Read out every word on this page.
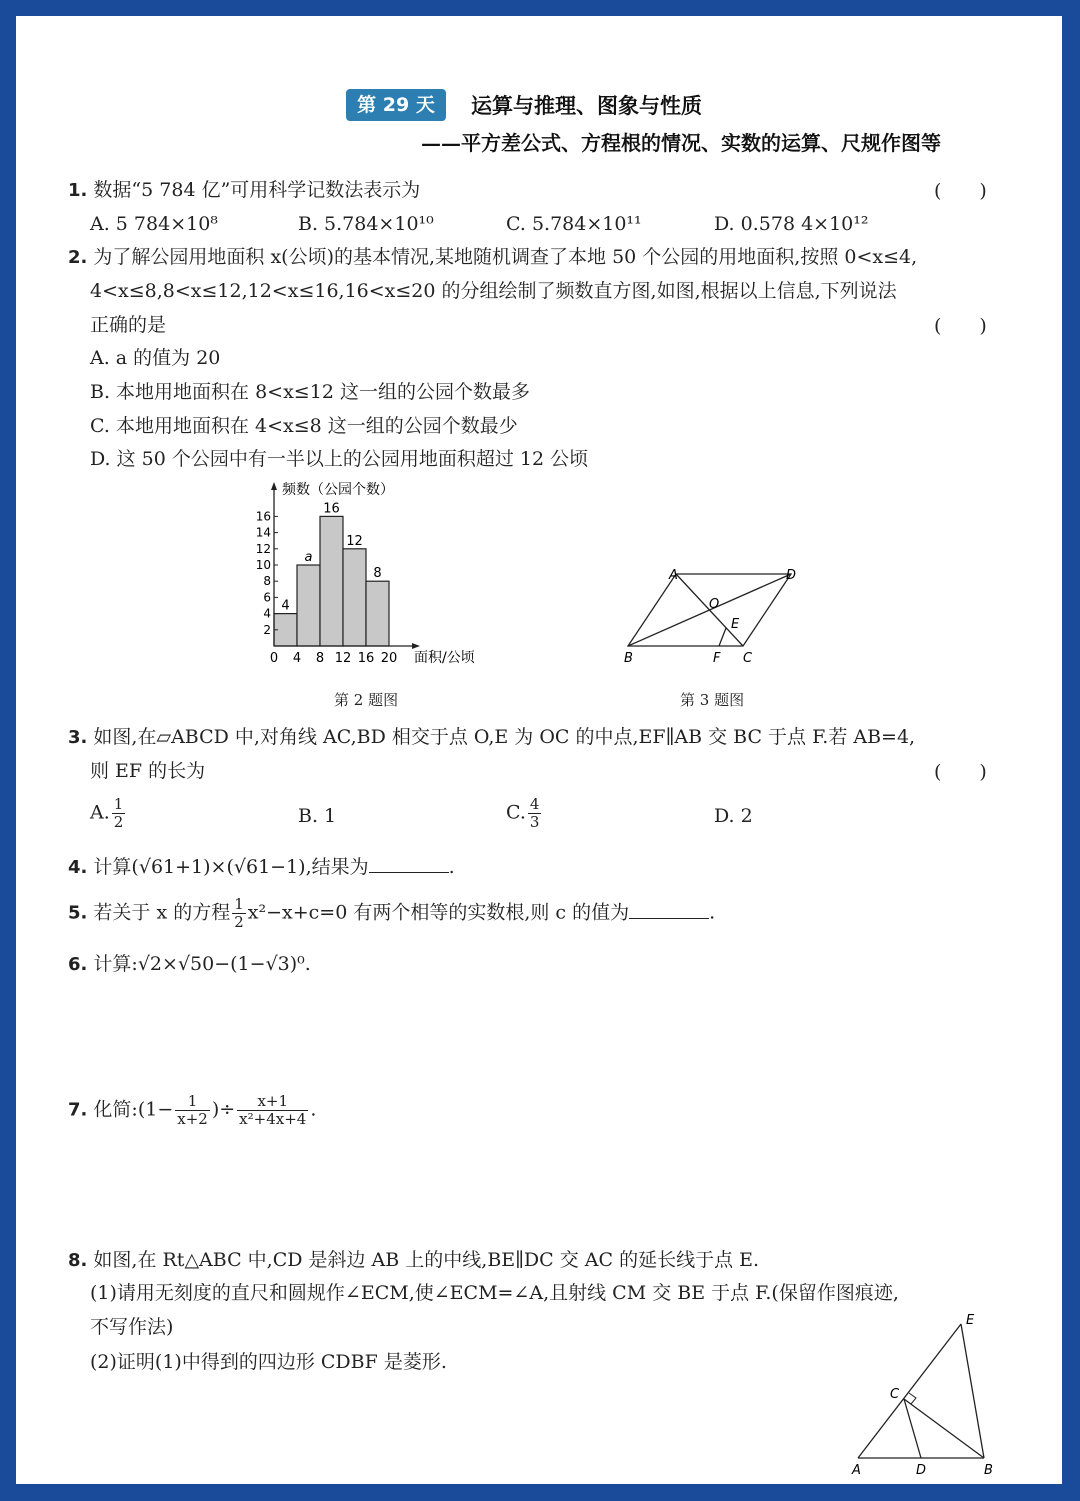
第 29 天	运算与推理、图象与性质
——平方差公式、方程根的情况、实数的运算、尺规作图等
1. 数据“5 784 亿”可用科学记数法表示为	(　　)
A. 5 784×10⁸	B. 5.784×10¹⁰	C. 5.784×10¹¹	D. 0.578 4×10¹²
2. 为了解公园用地面积 x(公顷)的基本情况,某地随机调查了本地 50 个公园的用地面积,按照 0<x≤4,
4<x≤8,8<x≤12,12<x≤16,16<x≤20 的分组绘制了频数直方图,如图,根据以上信息,下列说法
正确的是	(　　)
A. a 的值为 20
B. 本地用地面积在 8<x≤12 这一组的公园个数最多
C. 本地用地面积在 4<x≤8 这一组的公园个数最少
D. 这 50 个公园中有一半以上的公园用地面积超过 12 公顷
4
a
16
12
8
频数（公园个数）
面积/公顷
2
4
6
8
10
12
14
16
0 4 8 12 16 20
第 2 题图
A	D
O
E
B	F C
第 3 题图
3. 如图,在▱ABCD 中,对角线 AC,BD 相交于点 O,E 为 OC 的中点,EF∥AB 交 BC 于点 F.若 AB=4,
则 EF 的长为	(　　)
A. $\frac{1}{2}$	B. 1	C. $\frac{4}{3}$	D. 2
4. 计算(√61+1)×(√61−1),结果为	.
5. 若关于 x 的方程 $\frac{1}{2} x^2-x+c=0$ 有两个相等的实数根,则 c 的值为	.
6. 计算:√2×√50−(1−√3)⁰.
7. 化简:(1− $\frac{1}{x+2}$ )÷ $\frac{x+1}{\text{x²+4x+4}}$ .
8. 如图,在 Rt△ABC 中,CD 是斜边 AB 上的中线,BE∥DC 交 AC 的延长线于点 E.
(1)请用无刻度的直尺和圆规作∠ECM,使∠ECM=∠A,且射线 CM 交 BE 于点 F.(保留作图痕迹,
不写作法)
(2)证明(1)中得到的四边形 CDBF 是菱形.
E
C
A	D	B
